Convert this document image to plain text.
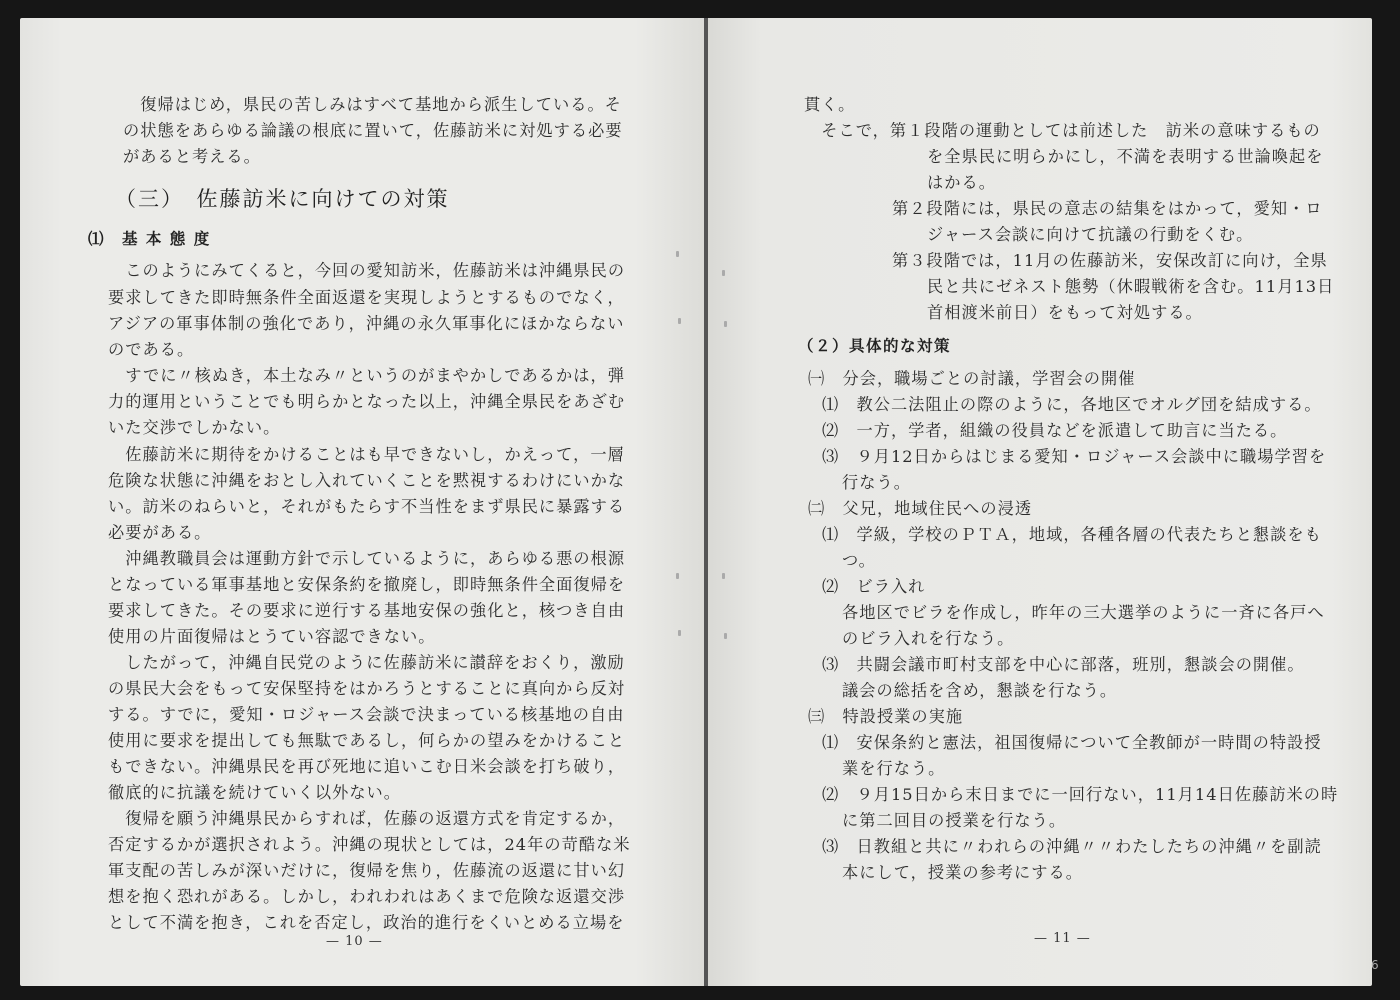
　復帰はじめ，県民の苦しみはすべて基地から派生している。そ
の状態をあらゆる論議の根底に置いて，佐藤訪米に対処する必要
があると考える。
（三）　佐藤訪米に向けての対策
⑴　基 本 態 度
　このようにみてくると，今回の愛知訪米，佐藤訪米は沖縄県民の
要求してきた即時無条件全面返還を実現しようとするものでなく，
アジアの軍事体制の強化であり，沖縄の永久軍事化にほかならない
のである。
　すでに〃核ぬき，本土なみ〃というのがまやかしであるかは，弾
力的運用ということでも明らかとなった以上，沖縄全県民をあざむ
いた交渉でしかない。
　佐藤訪米に期待をかけることはも早できないし，かえって，一層
危険な状態に沖縄をおとし入れていくことを黙視するわけにいかな
い。訪米のねらいと，それがもたらす不当性をまず県民に暴露する
必要がある。
　沖縄教職員会は運動方針で示しているように，あらゆる悪の根源
となっている軍事基地と安保条約を撤廃し，即時無条件全面復帰を
要求してきた。その要求に逆行する基地安保の強化と，核つき自由
使用の片面復帰はとうてい容認できない。
　したがって，沖縄自民党のように佐藤訪米に讃辞をおくり，激励
の県民大会をもって安保堅持をはかろうとすることに真向から反対
する。すでに，愛知・ロジャース会談で決まっている核基地の自由
使用に要求を提出しても無駄であるし，何らかの望みをかけること
もできない。沖縄県民を再び死地に追いこむ日米会談を打ち破り，
徹底的に抗議を続けていく以外ない。
　復帰を願う沖縄県民からすれば，佐藤の返還方式を肯定するか，
否定するかが選択されよう。沖縄の現状としては，24年の苛酷な米
軍支配の苦しみが深いだけに，復帰を焦り，佐藤流の返還に甘い幻
想を抱く恐れがある。しかし，われわれはあくまで危険な返還交渉
として不満を抱き，これを否定し，政治的進行をくいとめる立場を
— 10 —
貫く。
　そこで，第１段階の運動としては前述した　訪米の意味するもの
を全県民に明らかにし，不満を表明する世論喚起を
はかる。
第２段階には，県民の意志の結集をはかって，愛知・ロ
ジャース会談に向けて抗議の行動をくむ。
第３段階では，11月の佐藤訪米，安保改訂に向け，全県
民と共にゼネスト態勢（休暇戦術を含む。11月13日
首相渡米前日）をもって対処する。
（２）具体的な対策
㈠　分会，職場ごとの討議，学習会の開催
⑴　教公二法阻止の際のように，各地区でオルグ団を結成する。
⑵　一方，学者，組織の役員などを派遣して助言に当たる。
⑶　９月12日からはじまる愛知・ロジャース会談中に職場学習を
行なう。
㈡　父兄，地域住民への浸透
⑴　学級，学校のＰＴＡ，地域，各種各層の代表たちと懇談をも
つ。
⑵　ビラ入れ
各地区でビラを作成し，昨年の三大選挙のように一斉に各戸へ
のビラ入れを行なう。
⑶　共闘会議市町村支部を中心に部落，班別，懇談会の開催。
議会の総括を含め，懇談を行なう。
㈢　特設授業の実施
⑴　安保条約と憲法，祖国復帰について全教師が一時間の特設授
業を行なう。
⑵　９月15日から末日までに一回行ない，11月14日佐藤訪米の時
に第二回目の授業を行なう。
⑶　日教組と共に〃われらの沖縄〃〃わたしたちの沖縄〃を副読
本にして，授業の参考にする。
— 11 —
6
